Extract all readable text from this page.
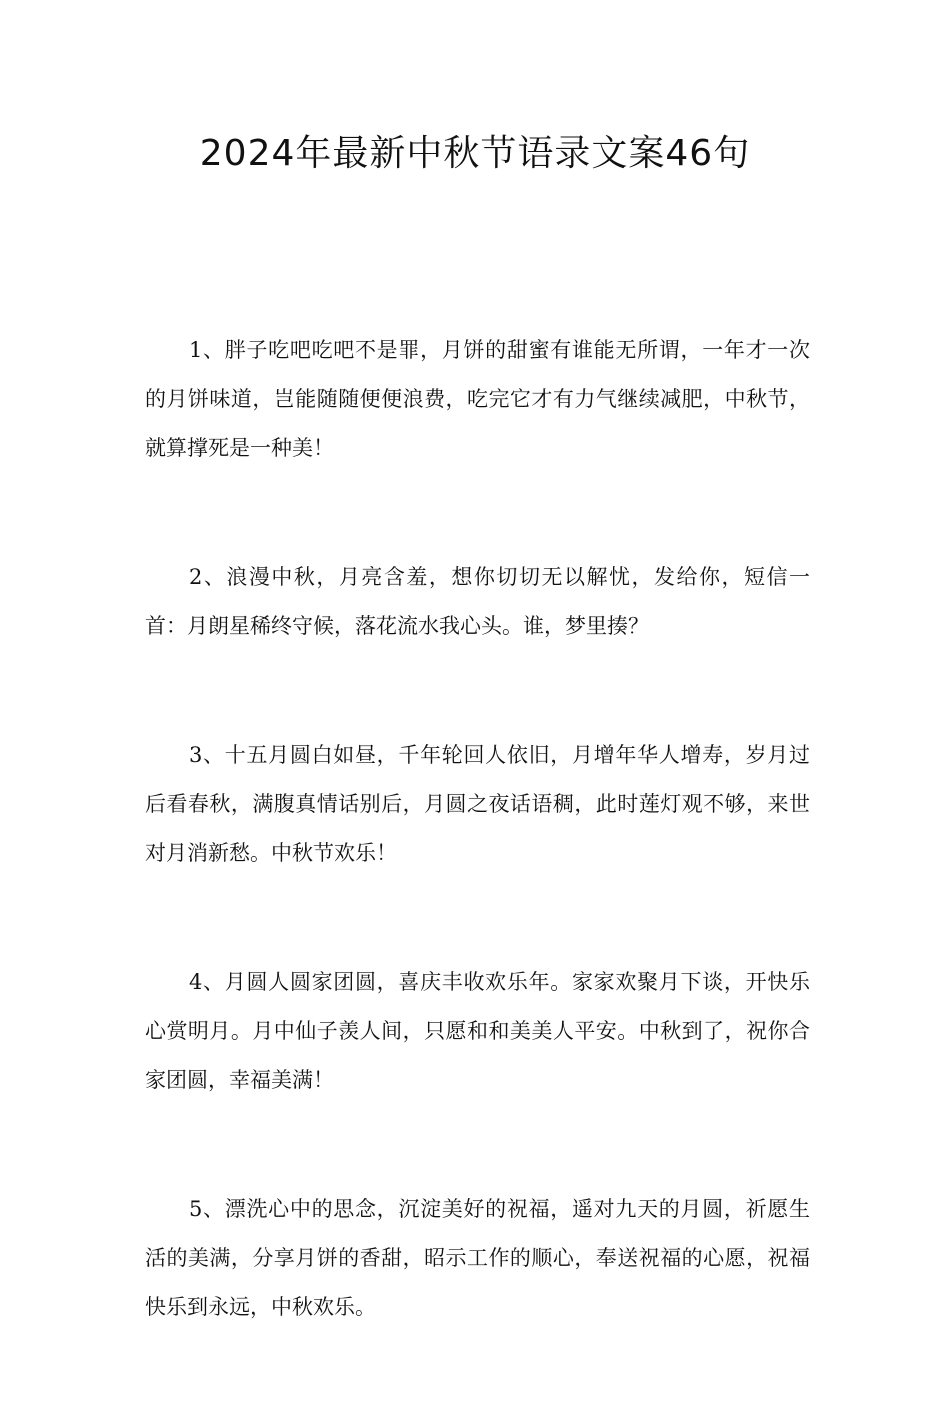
2024年最新中秋节语录文案46句

1、胖子吃吧吃吧不是罪，月饼的甜蜜有谁能无所谓，一年才一次的月饼味道，岂能随随便便浪费，吃完它才有力气继续减肥，中秋节，就算撑死是一种美！

2、浪漫中秋，月亮含羞，想你切切无以解忧，发给你，短信一首：月朗星稀终守候，落花流水我心头。谁，梦里揍？

3、十五月圆白如昼，千年轮回人依旧，月增年华人增寿，岁月过后看春秋，满腹真情话别后，月圆之夜话语稠，此时莲灯观不够，来世对月消新愁。中秋节欢乐！

4、月圆人圆家团圆，喜庆丰收欢乐年。家家欢聚月下谈，开快乐心赏明月。月中仙子羡人间，只愿和和美美人平安。中秋到了，祝你合家团圆，幸福美满！

5、漂洗心中的思念，沉淀美好的祝福，遥对九天的月圆，祈愿生活的美满，分享月饼的香甜，昭示工作的顺心，奉送祝福的心愿，祝福快乐到永远，中秋欢乐。
